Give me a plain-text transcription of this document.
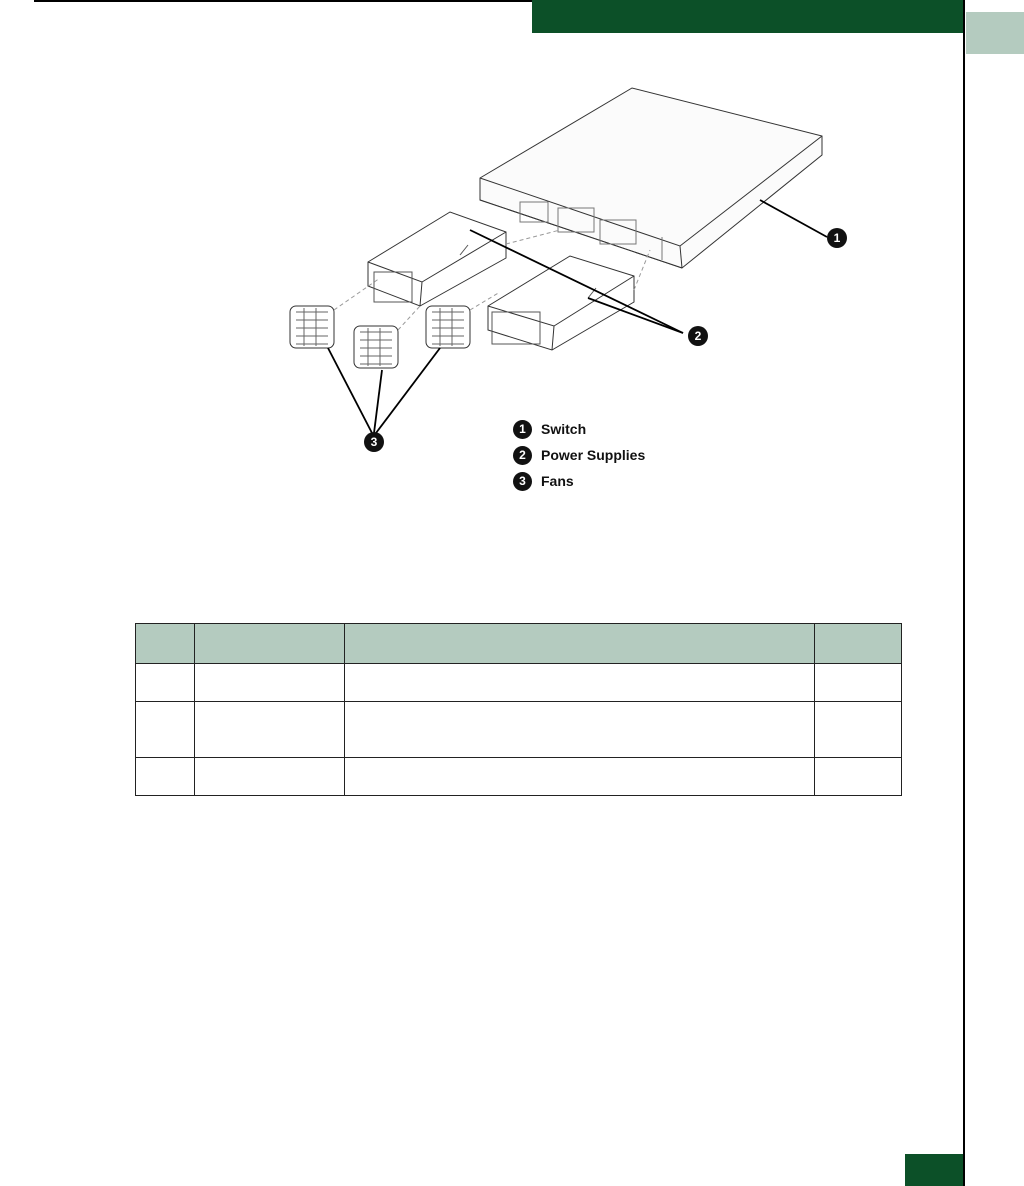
1
2
3
1	Switch
2	Power Supplies
3	Fans
